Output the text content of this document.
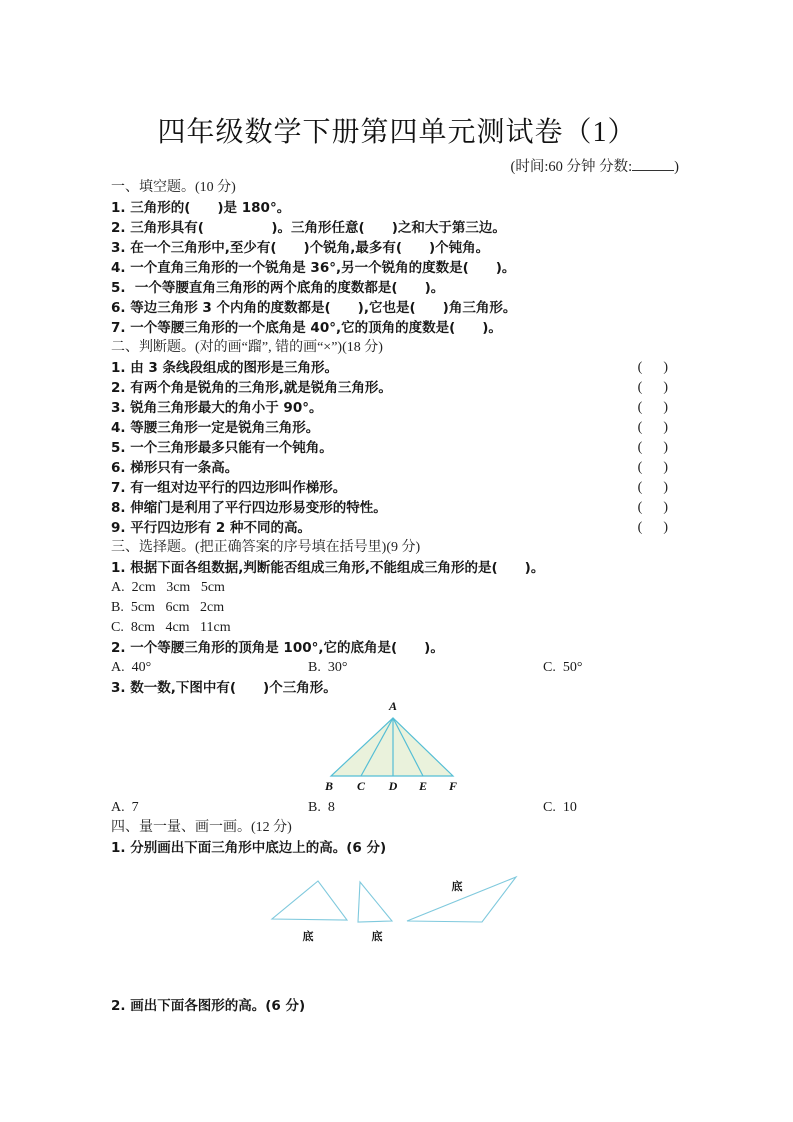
四年级数学下册第四单元测试卷（1）
(时间:60 分钟 分数:	)
一、填空题。(10 分)
1. 三角形的(　　)是 180°。
2. 三角形具有(　　　　　)。三角形任意(　　)之和大于第三边。
3. 在一个三角形中,至少有(　　)个锐角,最多有(　　)个钝角。
4. 一个直角三角形的一个锐角是 36°,另一个锐角的度数是(　　)。
5.  一个等腰直角三角形的两个底角的度数都是(　　)。
6. 等边三角形 3 个内角的度数都是(　　),它也是(　　)角三角形。
7. 一个等腰三角形的一个底角是 40°,它的顶角的度数是(　　)。
二、判断题。(对的画“蹓”, 错的画“×”)(18 分)
1. 由 3 条线段组成的图形是三角形。	(      )
2. 有两个角是锐角的三角形,就是锐角三角形。	(      )
3. 锐角三角形最大的角小于 90°。	(      )
4. 等腰三角形一定是锐角三角形。	(      )
5. 一个三角形最多只能有一个钝角。	(      )
6. 梯形只有一条高。	(      )
7. 有一组对边平行的四边形叫作梯形。	(      )
8. 伸缩门是利用了平行四边形易变形的特性。	(      )
9. 平行四边形有 2 种不同的高。	(      )
三、选择题。(把正确答案的序号填在括号里)(9 分)
1. 根据下面各组数据,判断能否组成三角形,不能组成三角形的是(　　)。
A.  2cm   3cm   5cm
B.  5cm   6cm   2cm
C.  8cm   4cm   11cm
2. 一个等腰三角形的顶角是 100°,它的底角是(　　)。
A.  40°	B.  30°	C.  50°
3. 数一数,下图中有(　　)个三角形。
A
B C D E F
A.  7	B.  8	C.  10
四、量一量、画一画。(12 分)
1. 分别画出下面三角形中底边上的高。(6 分)
底	底
底
2. 画出下面各图形的高。(6 分)
